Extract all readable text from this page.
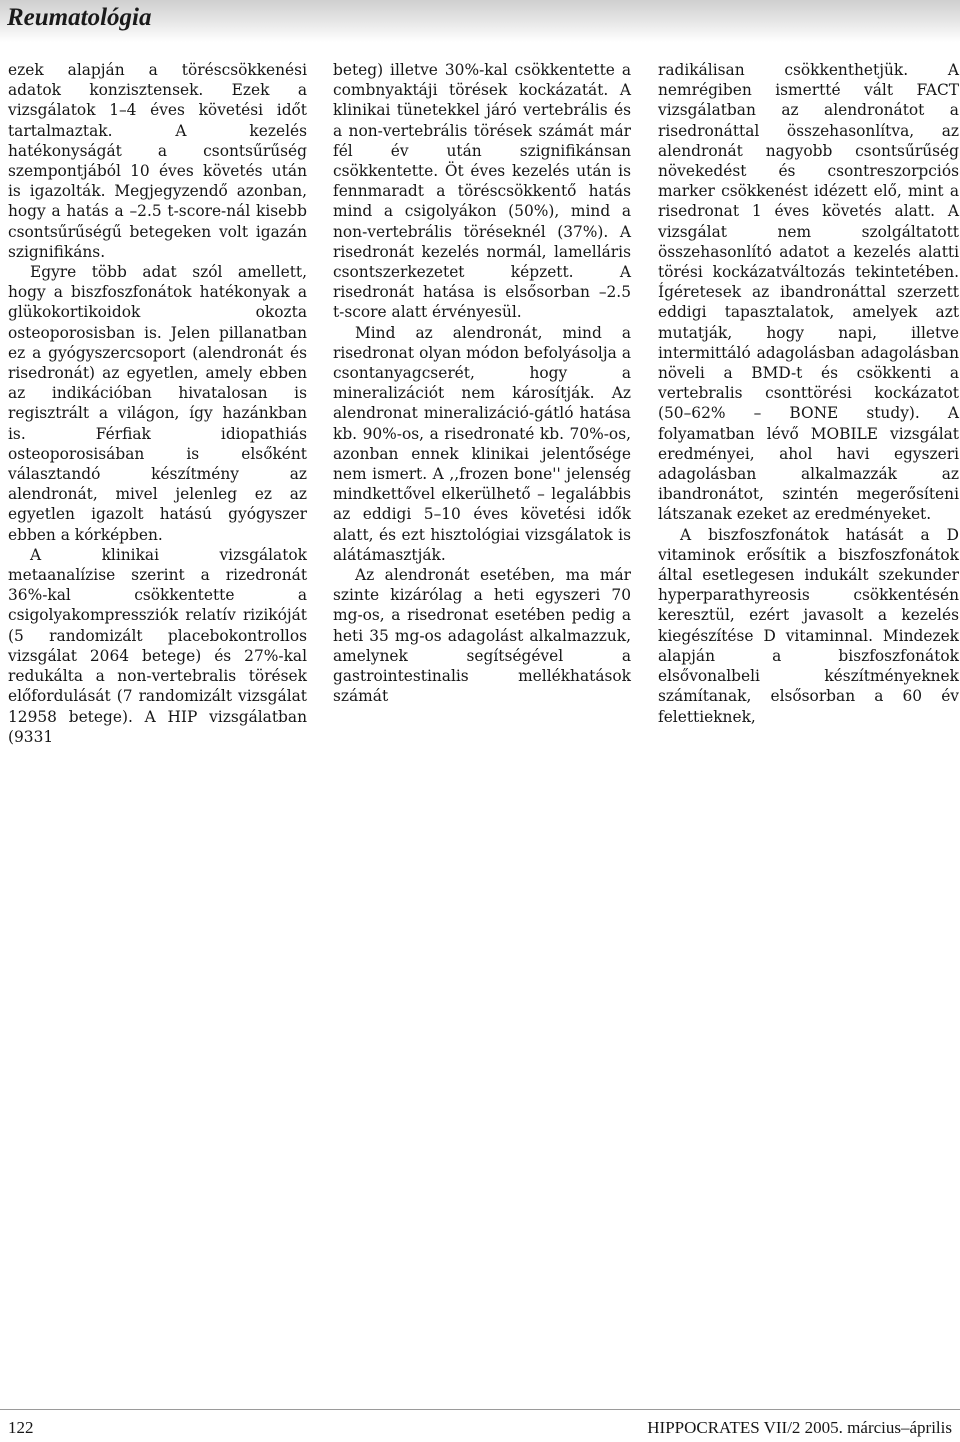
Reumatológia

ezek alapján a töréscsökkenési adatok konzisztensek. Ezek a vizsgálatok 1–4 éves követési időt tartalmaztak. A kezelés hatékonyságát a csontsűrűség szempontjából 10 éves követés után is igazolták. Megjegyzendő azonban, hogy a hatás a –2.5 t-score-nál kisebb csontsűrűségű betegeken volt igazán szignifikáns.

Egyre több adat szól amellett, hogy a biszfoszfonátok hatékonyak a glükokortikoidok okozta osteoporosisban is. Jelen pillanatban ez a gyógyszercsoport (alendronát és risedronát) az egyetlen, amely ebben az indikációban hivatalosan is regisztrált a világon, így hazánkban is. Férfiak idiopathiás osteoporosisában is elsőként választandó készítmény az alendronát, mivel jelenleg ez az egyetlen igazolt hatású gyógyszer ebben a kórképben.

A klinikai vizsgálatok metaanalízise szerint a rizedronát 36%-kal csökkentette a csigolyakompressziók relatív rizikóját (5 randomizált placebokontrollos vizsgálat 2064 betege) és 27%-kal redukálta a non-vertebralis törések előfordulását (7 randomizált vizsgálat 12958 betege). A HIP vizsgálatban (9331

beteg) illetve 30%-kal csökkentette a combnyaktáji törések kockázatát. A klinikai tünetekkel járó vertebrális és a non-vertebrális törések számát már fél év után szignifikánsan csökkentette. Öt éves kezelés után is fennmaradt a töréscsökkentő hatás mind a csigolyákon (50%), mind a non-vertebrális töréseknél (37%). A risedronát kezelés normál, lamelláris csontszerkezetet képzett. A risedronát hatása is elsősorban –2.5 t-score alatt érvényesül.

Mind az alendronát, mind a risedronat olyan módon befolyásolja a csontanyagcserét, hogy a mineralizációt nem károsítják. Az alendronat mineralizáció-gátló hatása kb. 90%-os, a risedronaté kb. 70%-os, azonban ennek klinikai jelentősége nem ismert. A ,,frozen bone'' jelenség mindkettővel elkerülhető – legalábbis az eddigi 5–10 éves követési idők alatt, és ezt hisztológiai vizsgálatok is alátámasztják.

Az alendronát esetében, ma már szinte kizárólag a heti egyszeri 70 mg-os, a risedronat esetében pedig a heti 35 mg-os adagolást alkalmazzuk, amelynek segítségével a gastrointestinalis mellékhatások számát

radikálisan csökkenthetjük. A nemrégiben ismertté vált FACT vizsgálatban az alendronátot a risedronáttal összehasonlítva, az alendronát nagyobb csontsűrűség növekedést és csontreszorpciós marker csökkenést idézett elő, mint a risedronat 1 éves követés alatt. A vizsgálat nem szolgáltatott összehasonlító adatot a kezelés alatti törési kockázatváltozás tekintetében. Ígéretesek az ibandronáttal szerzett eddigi tapasztalatok, amelyek azt mutatják, hogy napi, illetve intermittáló adagolásban adagolásban növeli a BMD-t és csökkenti a vertebralis csonttörési kockázatot (50–62% – BONE study). A folyamatban lévő MOBILE vizsgálat eredményei, ahol havi egyszeri adagolásban alkalmazzák az ibandronátot, szintén megerősíteni látszanak ezeket az eredményeket.

A biszfoszfonátok hatását a D vitaminok erősítik a biszfoszfonátok által esetlegesen indukált szekunder hyperparathyreosis csökkentésén keresztül, ezért javasolt a kezelés kiegészítése D vitaminnal. Mindezek alapján a biszfoszfonátok elsővonalbeli készítményeknek számítanak, elsősorban a 60 év felettieknek,

122	HIPPOCRATES VII/2 2005. március–április
